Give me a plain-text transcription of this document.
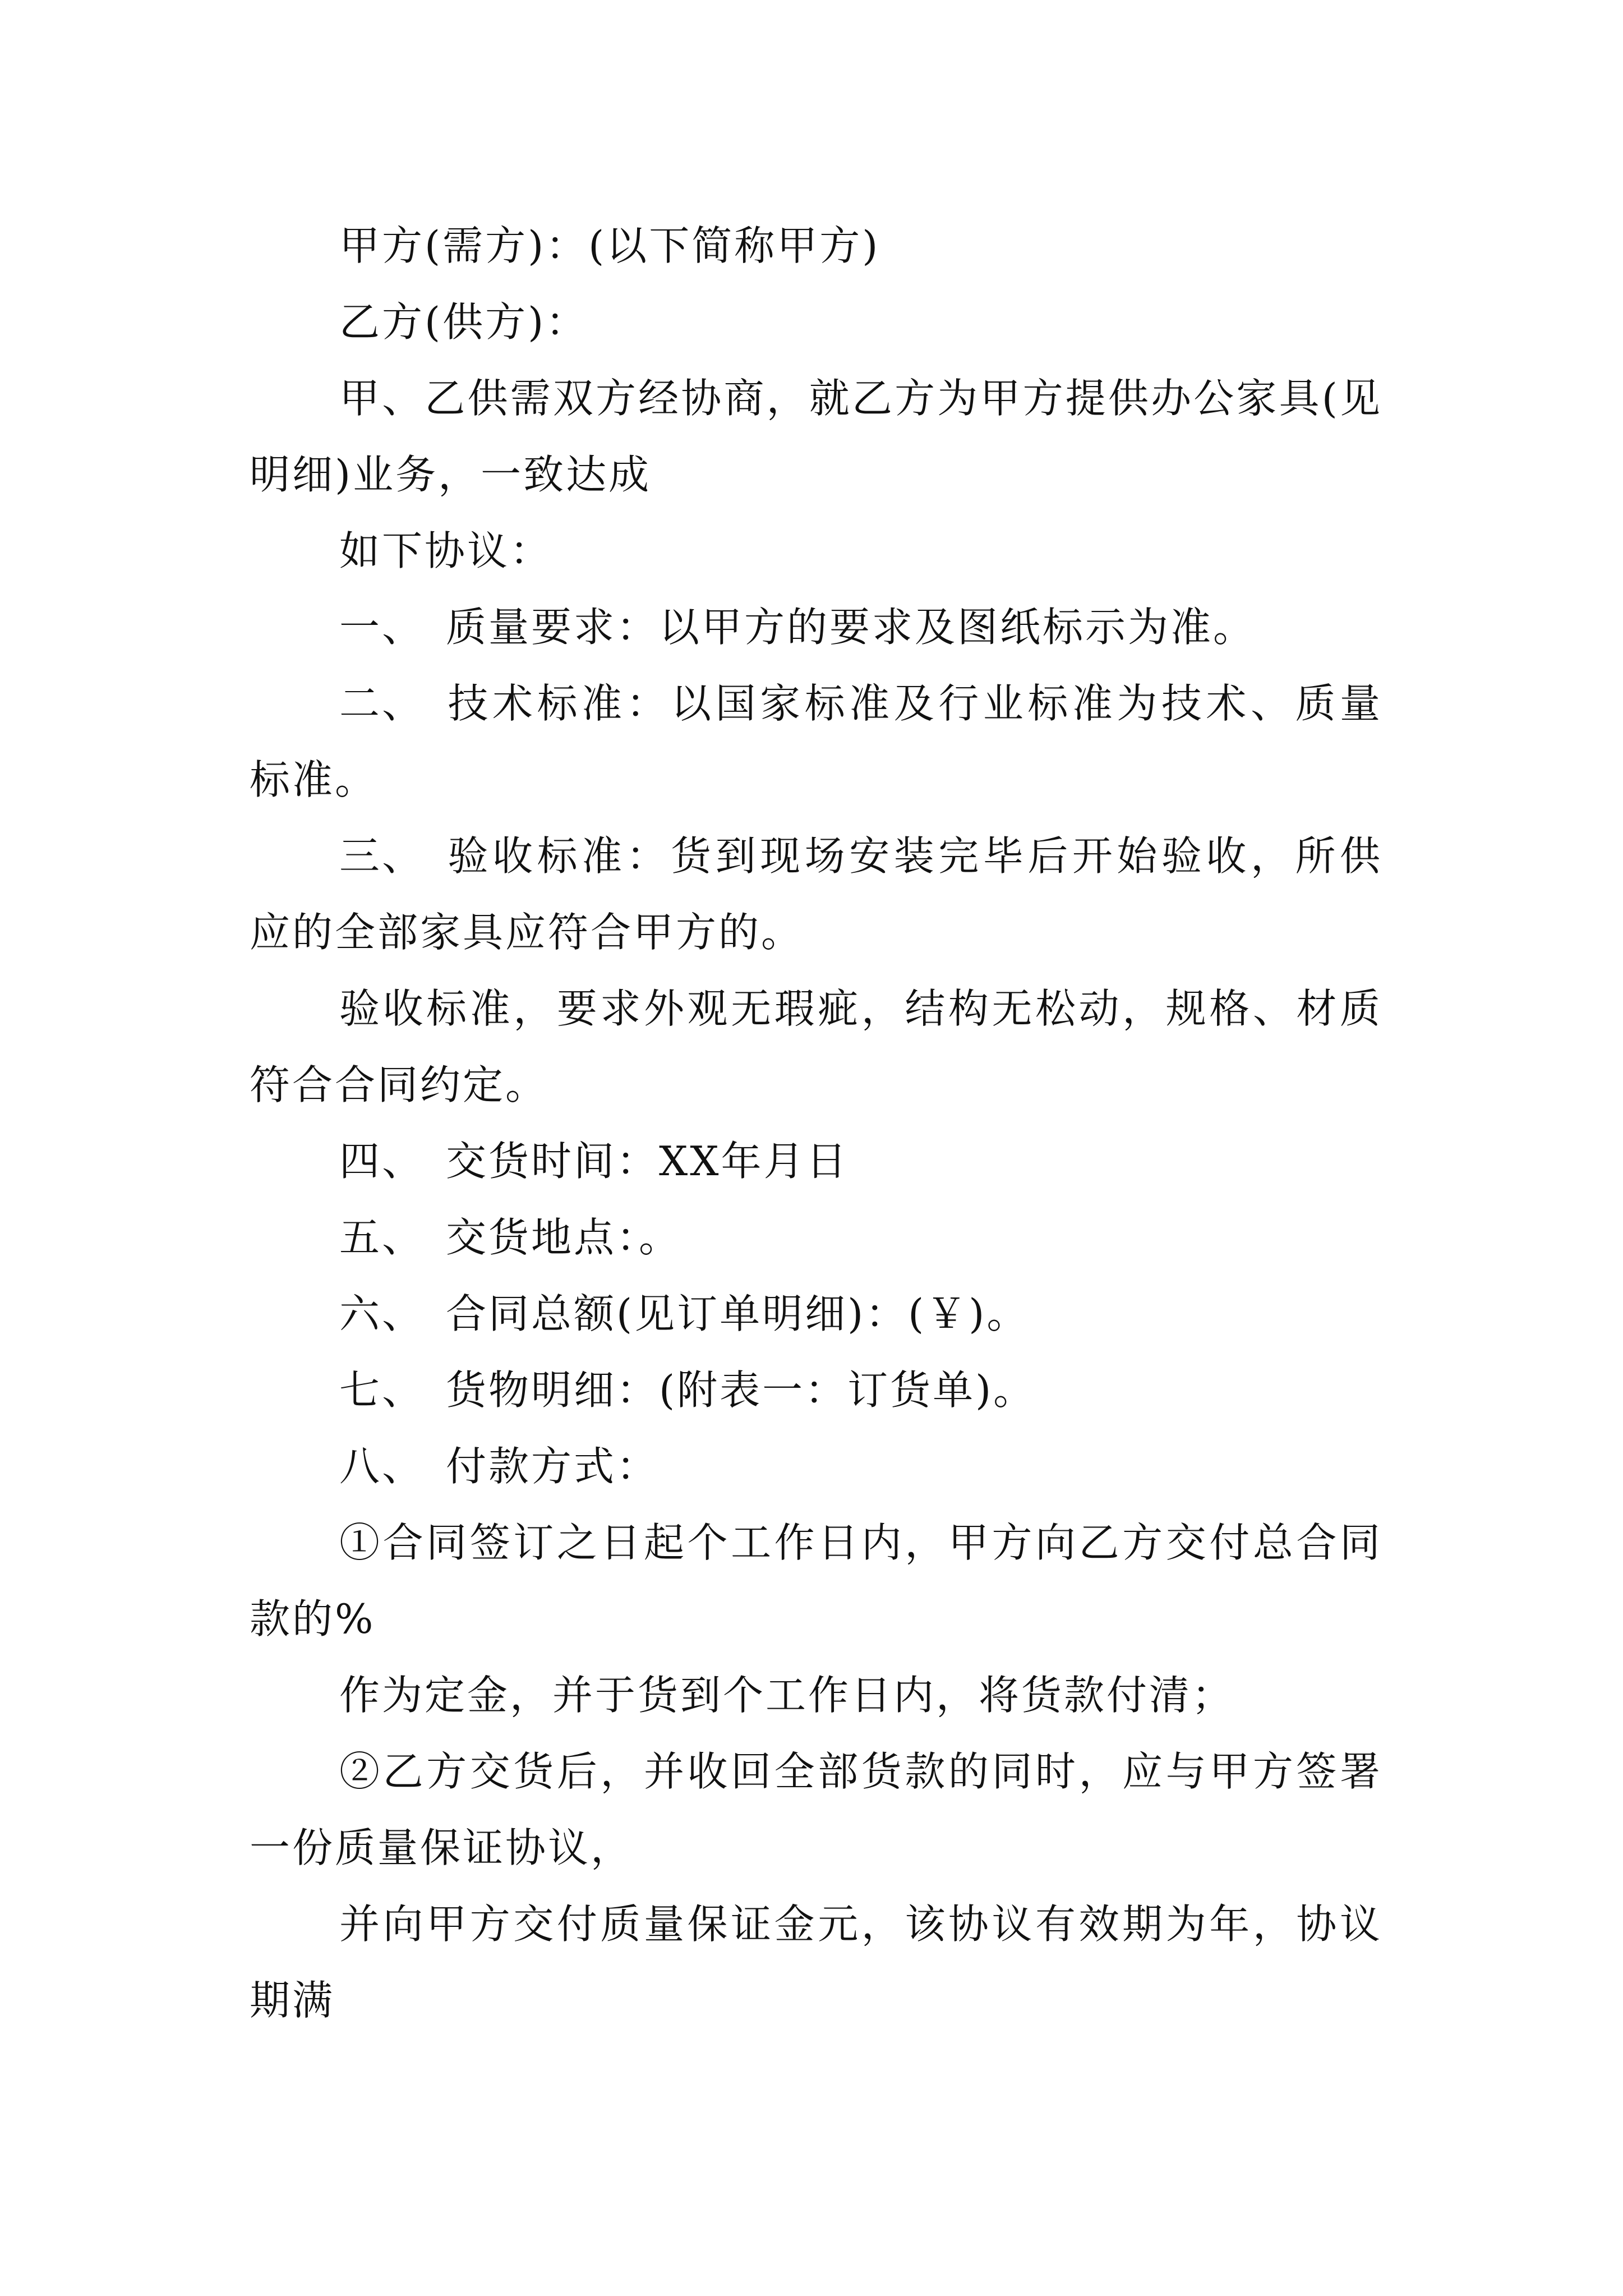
甲方(需方)：(以下简称甲方)

乙方(供方)：

甲、乙供需双方经协商，就乙方为甲方提供办公家具(见明细)业务，一致达成

如下协议：

一、 质量要求：以甲方的要求及图纸标示为准。

二、 技术标准：以国家标准及行业标准为技术、质量标准。

三、 验收标准：货到现场安装完毕后开始验收，所供应的全部家具应符合甲方的。

验收标准，要求外观无瑕疵，结构无松动，规格、材质符合合同约定。

四、 交货时间：XX年月日

五、 交货地点：。

六、 合同总额(见订单明细)：(￥)。

七、 货物明细：(附表一：订货单)。

八、 付款方式：

①合同签订之日起个工作日内，甲方向乙方交付总合同款的%

作为定金，并于货到个工作日内，将货款付清；

②乙方交货后，并收回全部货款的同时，应与甲方签署一份质量保证协议，

并向甲方交付质量保证金元，该协议有效期为年，协议期满
